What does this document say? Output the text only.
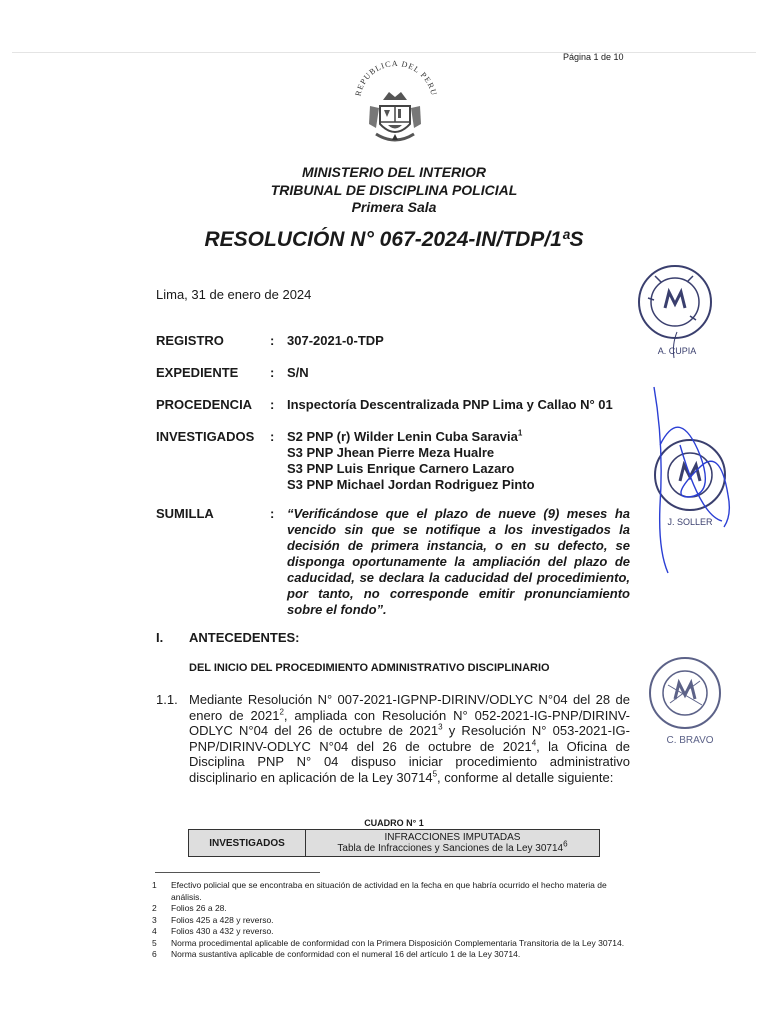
Página 1 de 10
REPUBLICA DEL PERU
MINISTERIO DEL INTERIOR
TRIBUNAL DE DISCIPLINA POLICIAL
Primera Sala
RESOLUCIÓN N° 067-2024-IN/TDP/1ªS
Lima, 31 de enero de 2024
REGISTRO	: 307-2021-0-TDP
EXPEDIENTE : S/N
PROCEDENCIA : Inspectoría Descentralizada PNP Lima y Callao N° 01
INVESTIGADOS : S2 PNP (r) Wilder Lenin Cuba Saravia$^1$
S3 PNP Jhean Pierre Meza Hualre
S3 PNP Luis Enrique Carnero Lazaro
S3 PNP Michael Jordan Rodriguez Pinto
SUMILLA	: “Verificándose que el plazo de nueve (9) meses ha vencido sin que se notifique a los investigados la decisión de primera instancia, o en su defecto, se disponga oportunamente la ampliación del plazo de caducidad, se declara la caducidad del procedimiento, por tanto, no corresponde emitir pronunciamiento sobre el fondo”.
I. ANTECEDENTES:
DEL INICIO DEL PROCEDIMIENTO ADMINISTRATIVO DISCIPLINARIO
1.1. Mediante Resolución N° 007-2021-IGPNP-DIRINV/ODLYC N°04 del 28 de enero de 2021$^2$, ampliada con Resolución N° 052-2021-IG-PNP/DIRINV-ODLYC N°04 del 26 de octubre de 2021$^3$ y Resolución N° 053-2021-IG-PNP/DIRINV-ODLYC N°04 del 26 de octubre de 2021$^4$, la Oficina de Disciplina PNP N° 04 dispuso iniciar procedimiento administrativo disciplinario en aplicación de la Ley 30714$^5$, conforme al detalle siguiente:
CUADRO N° 1
INVESTIGADOS	INFRACCIONES IMPUTADAS
Tabla de Infracciones y Sanciones de la Ley 30714$^6$
1	Efectivo policial que se encontraba en situación de actividad en la fecha en que habría ocurrido el hecho materia de análisis.
2	Folios 26 a 28.
3	Folios 425 a 428 y reverso.
4	Folios 430 a 432 y reverso.
5	Norma procedimental aplicable de conformidad con la Primera Disposición Complementaria Transitoria de la Ley 30714.
6	Norma sustantiva aplicable de conformidad con el numeral 16 del artículo 1 de la Ley 30714.
A. CUPIA
J. SOLLER
C. BRAVO
